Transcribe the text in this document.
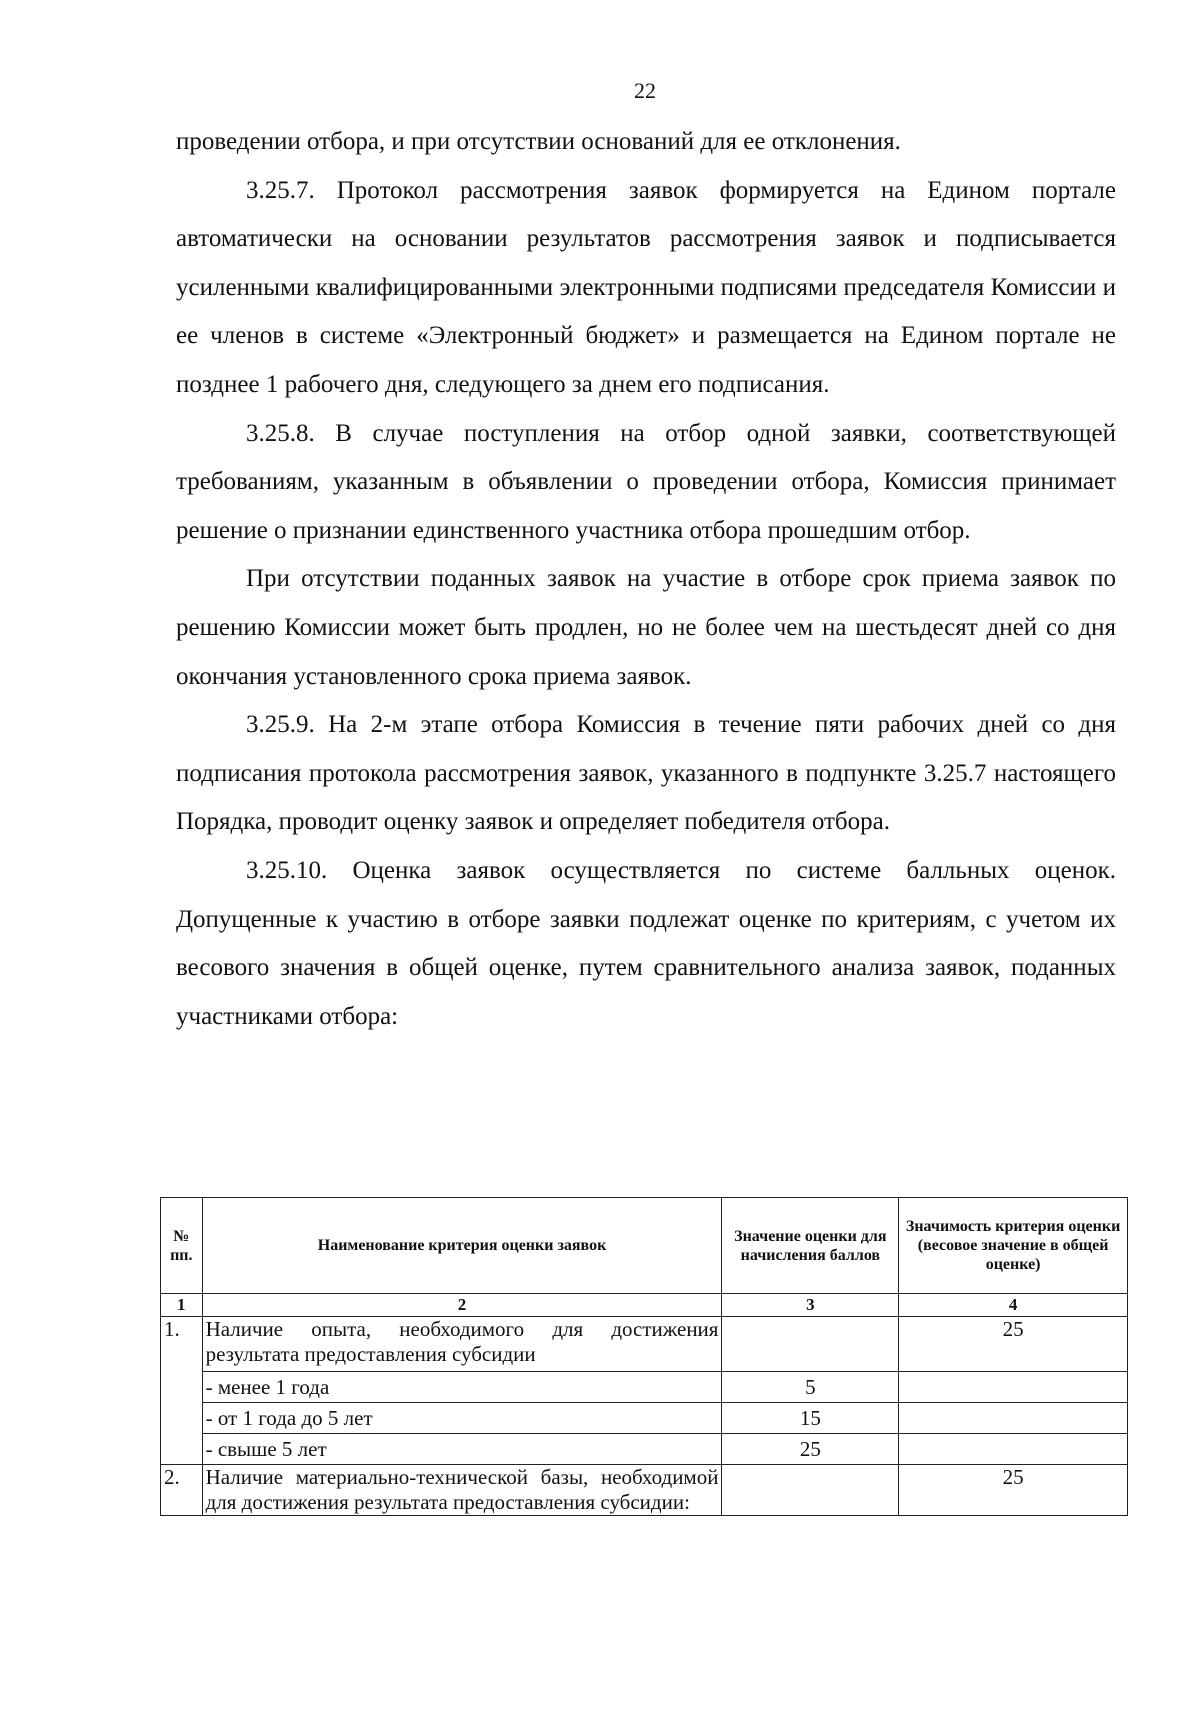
22

проведении отбора, и при отсутствии оснований для ее отклонения.

3.25.7. Протокол рассмотрения заявок формируется на Едином портале автоматически на основании результатов рассмотрения заявок и подписывается усиленными квалифицированными электронными подписями председателя Комиссии и ее членов в системе «Электронный бюджет» и размещается на Едином портале не позднее 1 рабочего дня, следующего за днем его подписания.

3.25.8. В случае поступления на отбор одной заявки, соответствующей требованиям, указанным в объявлении о проведении отбора, Комиссия принимает решение о признании единственного участника отбора прошедшим отбор.

При отсутствии поданных заявок на участие в отборе срок приема заявок по решению Комиссии может быть продлен, но не более чем на шестьдесят дней со дня окончания установленного срока приема заявок.

3.25.9. На 2-м этапе отбора Комиссия в течение пяти рабочих дней со дня подписания протокола рассмотрения заявок, указанного в подпункте 3.25.7 настоящего Порядка, проводит оценку заявок и определяет победителя отбора.

3.25.10. Оценка заявок осуществляется по системе балльных оценок. Допущенные к участию в отборе заявки подлежат оценке по критериям, с учетом их весового значения в общей оценке, путем сравнительного анализа заявок, поданных участниками отбора:

№ пп.	Наименование критерия оценки заявок	Значение оценки для начисления баллов	Значимость критерия оценки (весовое значение в общей оценке)
1	2	3	4
1.	Наличие опыта, необходимого для достижения результата предоставления субсидии		25
	- менее 1 года	5	
	- от 1 года до 5 лет	15	
	- свыше 5 лет	25	
2.	Наличие материально-технической базы, необходимой для достижения результата предоставления субсидии:		25
